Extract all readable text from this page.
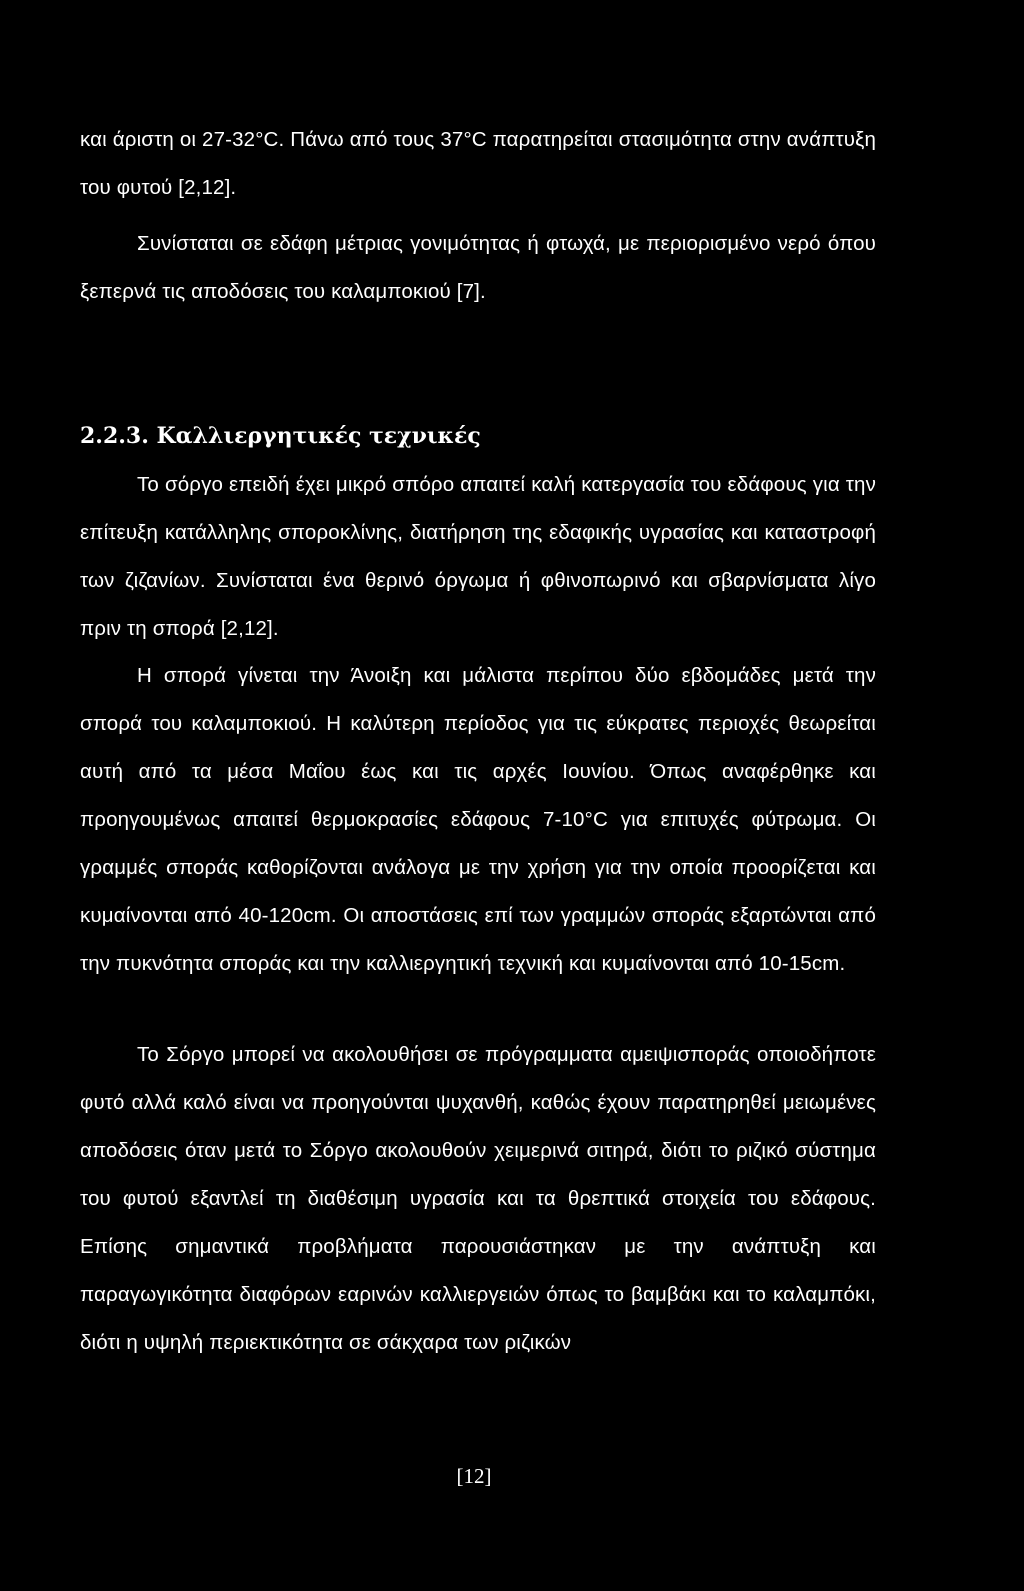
και άριστη οι 27-32°C. Πάνω από τους 37°C παρατηρείται στασιμότητα στην ανάπτυξη του φυτού [2,12].

Συνίσταται σε εδάφη μέτριας γονιμότητας ή φτωχά, με περιορισμένο νερό όπου ξεπερνά τις αποδόσεις του καλαμποκιού [7].

2.2.3. Καλλιεργητικές τεχνικές

Το σόργο επειδή έχει μικρό σπόρο απαιτεί καλή κατεργασία του εδάφους για την επίτευξη κατάλληλης σποροκλίνης, διατήρηση της εδαφικής υγρασίας και καταστροφή των ζιζανίων. Συνίσταται ένα θερινό όργωμα ή φθινοπωρινό και σβαρνίσματα λίγο πριν τη σπορά [2,12].

Η σπορά γίνεται την Άνοιξη και μάλιστα περίπου δύο εβδομάδες μετά την σπορά του καλαμποκιού. Η καλύτερη περίοδος για τις εύκρατες περιοχές θεωρείται αυτή από τα μέσα Μαΐου έως και τις αρχές Ιουνίου. Όπως αναφέρθηκε και προηγουμένως απαιτεί θερμοκρασίες εδάφους 7-10°C για επιτυχές φύτρωμα. Οι γραμμές σποράς καθορίζονται ανάλογα με την χρήση για την οποία προορίζεται και κυμαίνονται από 40-120cm. Οι αποστάσεις επί των γραμμών σποράς εξαρτώνται από την πυκνότητα σποράς και την καλλιεργητική τεχνική και κυμαίνονται από 10-15cm.

Το Σόργο μπορεί να ακολουθήσει σε πρόγραμματα αμειψισποράς οποιοδήποτε φυτό αλλά καλό είναι να προηγούνται ψυχανθή, καθώς έχουν παρατηρηθεί μειωμένες αποδόσεις όταν μετά το Σόργο ακολουθούν χειμερινά σιτηρά, διότι το ριζικό σύστημα του φυτού εξαντλεί τη διαθέσιμη υγρασία και τα θρεπτικά στοιχεία του εδάφους. Επίσης σημαντικά προβλήματα παρουσιάστηκαν με την ανάπτυξη και παραγωγικότητα διαφόρων εαρινών καλλιεργειών όπως το βαμβάκι και το καλαμπόκι, διότι η υψηλή περιεκτικότητα σε σάκχαρα των ριζικών

[12]
